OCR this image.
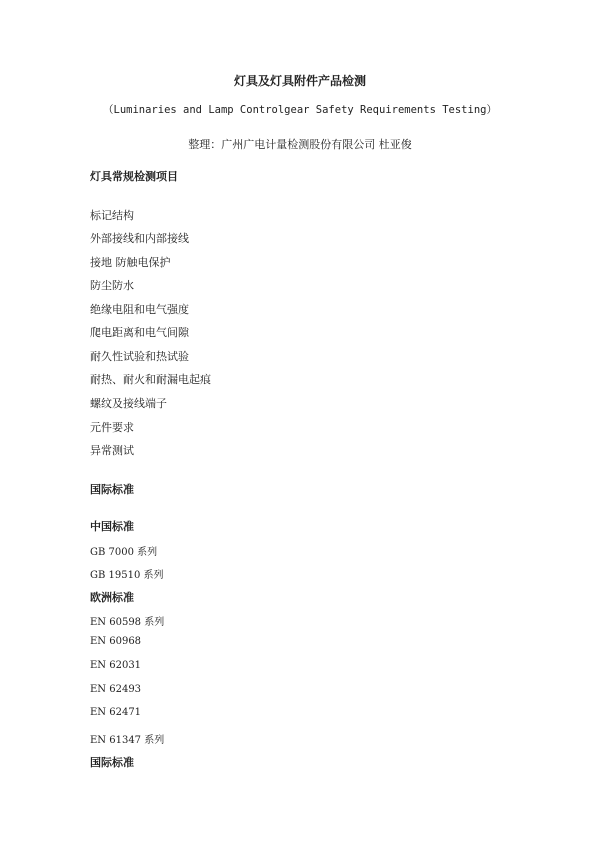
灯具及灯具附件产品检测
（Luminaries and Lamp Controlgear Safety Requirements Testing）
整理：广州广电计量检测股份有限公司 杜亚俊
灯具常规检测项目
标记结构
外部接线和内部接线
接地 防触电保护
防尘防水
绝缘电阻和电气强度
爬电距离和电气间隙
耐久性试验和热试验
耐热、耐火和耐漏电起痕
螺纹及接线端子
元件要求
异常测试
国际标准
中国标准
GB 7000 系列
GB 19510 系列
欧洲标准
EN 60598 系列
EN 60968
EN 62031
EN 62493
EN 62471
EN 61347 系列
国际标准
